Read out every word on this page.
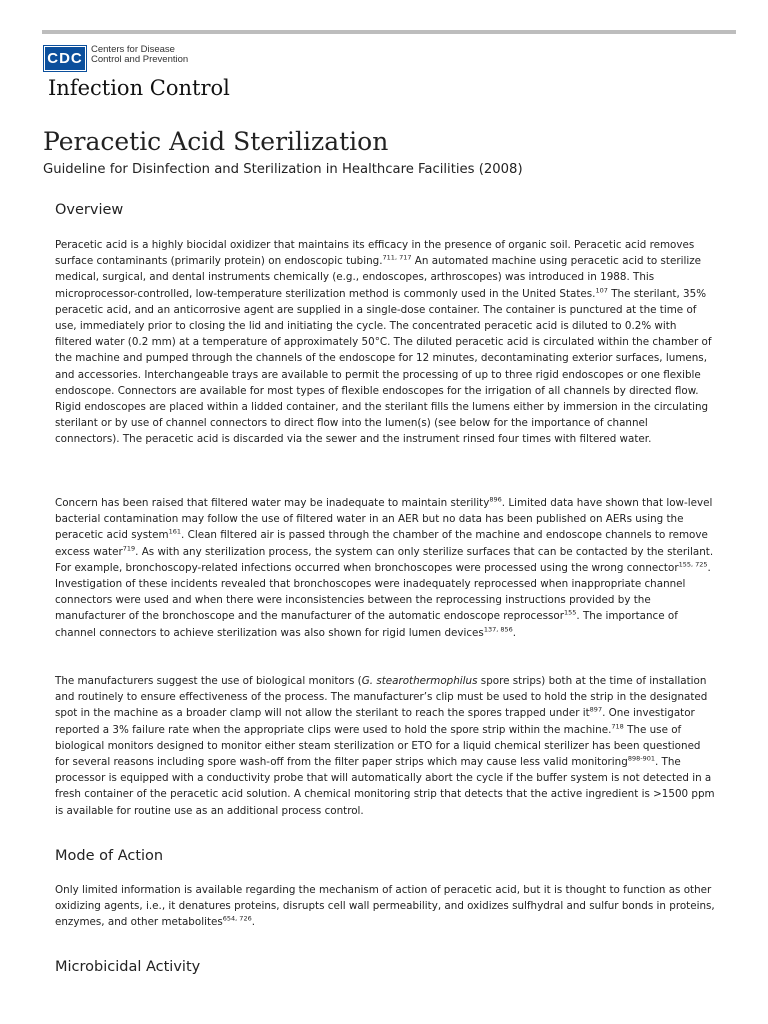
CDC
Centers for Disease
Control and Prevention
Infection Control
Peracetic Acid Sterilization
Guideline for Disinfection and Sterilization in Healthcare Facilities (2008)
Overview

Peracetic acid is a highly biocidal oxidizer that maintains its efficacy in the presence of organic soil. Peracetic acid removes surface contaminants (primarily protein) on endoscopic tubing.$^{711, 717}$ An automated machine using peracetic acid to sterilize medical, surgical, and dental instruments chemically (e.g., endoscopes, arthroscopes) was introduced in 1988. This microprocessor-controlled, low-temperature sterilization method is commonly used in the United States.$^{107}$ The sterilant, 35% peracetic acid, and an anticorrosive agent are supplied in a single-dose container. The container is punctured at the time of use, immediately prior to closing the lid and initiating the cycle. The concentrated peracetic acid is diluted to 0.2% with filtered water (0.2 mm) at a temperature of approximately 50°C. The diluted peracetic acid is circulated within the chamber of the machine and pumped through the channels of the endoscope for 12 minutes, decontaminating exterior surfaces, lumens, and accessories. Interchangeable trays are available to permit the processing of up to three rigid endoscopes or one flexible endoscope. Connectors are available for most types of flexible endoscopes for the irrigation of all channels by directed flow. Rigid endoscopes are placed within a lidded container, and the sterilant fills the lumens either by immersion in the circulating sterilant or by use of channel connectors to direct flow into the lumen(s) (see below for the importance of channel connectors). The peracetic acid is discarded via the sewer and the instrument rinsed four times with filtered water.

Concern has been raised that filtered water may be inadequate to maintain sterility$^{896}$. Limited data have shown that low-level bacterial contamination may follow the use of filtered water in an AER but no data has been published on AERs using the peracetic acid system$^{161}$. Clean filtered air is passed through the chamber of the machine and endoscope channels to remove excess water$^{719}$. As with any sterilization process, the system can only sterilize surfaces that can be contacted by the sterilant. For example, bronchoscopy-related infections occurred when bronchoscopes were processed using the wrong connector$^{155, 725}$. Investigation of these incidents revealed that bronchoscopes were inadequately reprocessed when inappropriate channel connectors were used and when there were inconsistencies between the reprocessing instructions provided by the manufacturer of the bronchoscope and the manufacturer of the automatic endoscope reprocessor$^{155}$. The importance of channel connectors to achieve sterilization was also shown for rigid lumen devices$^{137, 856}$.

The manufacturers suggest the use of biological monitors (G. stearothermophilus spore strips) both at the time of installation and routinely to ensure effectiveness of the process. The manufacturer’s clip must be used to hold the strip in the designated spot in the machine as a broader clamp will not allow the sterilant to reach the spores trapped under $it^{897}$. One investigator reported a 3% failure rate when the appropriate clips were used to hold the spore strip within the machine.$^{718}$ The use of biological monitors designed to monitor either steam sterilization or ETO for a liquid chemical sterilizer has been questioned for several reasons including spore wash-off from the filter paper strips which may cause less valid monitoring$^{898-901}$. The processor is equipped with a conductivity probe that will automatically abort the cycle if the buffer system is not detected in a fresh container of the peracetic acid solution. A chemical monitoring strip that detects that the active ingredient is >1500 ppm is available for routine use as an additional process control.

Mode of Action

Only limited information is available regarding the mechanism of action of peracetic acid, but it is thought to function as other oxidizing agents, i.e., it denatures proteins, disrupts cell wall permeability, and oxidizes sulfhydral and sulfur bonds in proteins, enzymes, and other metabolites$^{654, 726}$.

Microbicidal Activity
